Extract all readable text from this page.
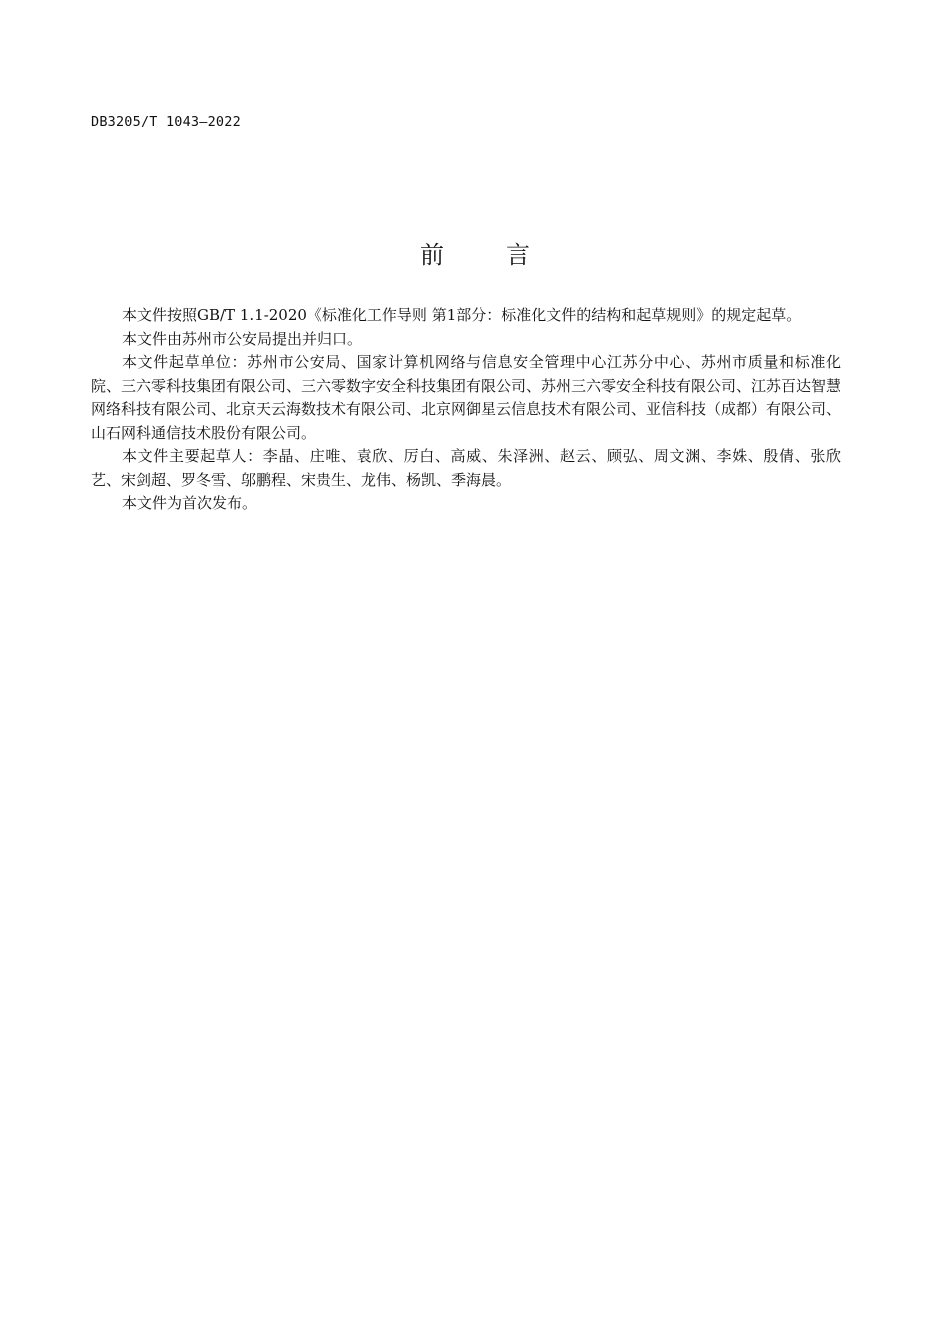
DB3205/T 1043—2022
前言

本文件按照GB/T 1.1-2020《标准化工作导则 第1部分：标准化文件的结构和起草规则》的规定起草。

本文件由苏州市公安局提出并归口。

本文件起草单位：苏州市公安局、国家计算机网络与信息安全管理中心江苏分中心、苏州市质量和标准化院、三六零科技集团有限公司、三六零数字安全科技集团有限公司、苏州三六零安全科技有限公司、江苏百达智慧网络科技有限公司、北京天云海数技术有限公司、北京网御星云信息技术有限公司、亚信科技（成都）有限公司、山石网科通信技术股份有限公司。

本文件主要起草人：李晶、庄唯、袁欣、厉白、高威、朱泽洲、赵云、顾弘、周文渊、李姝、殷倩、张欣艺、宋剑超、罗冬雪、邬鹏程、宋贵生、龙伟、杨凯、季海晨。

本文件为首次发布。
